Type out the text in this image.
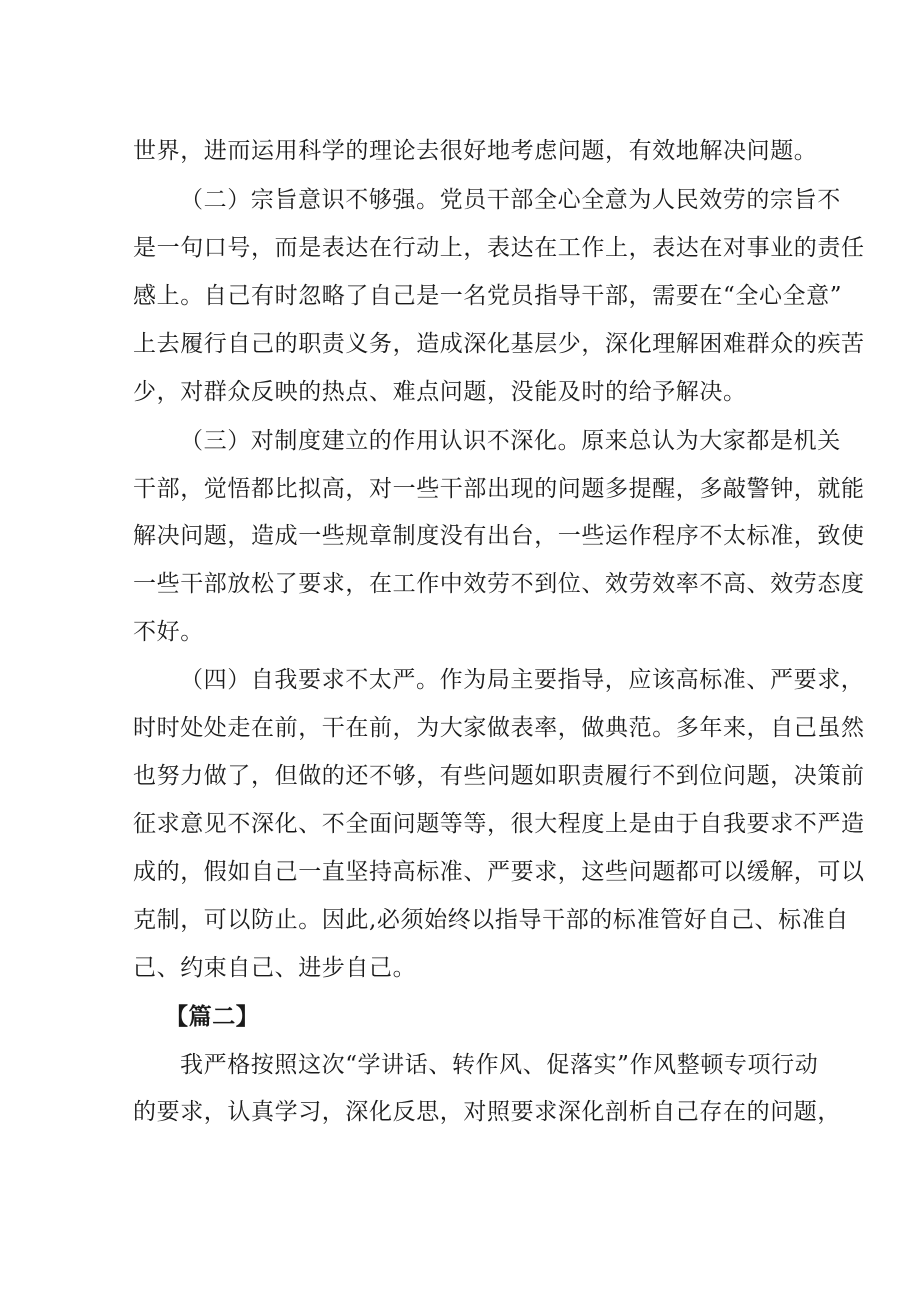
世界，进而运用科学的理论去很好地考虑问题，有效地解决问题。
（二）宗旨意识不够强。党员干部全心全意为人民效劳的宗旨不
是一句口号，而是表达在行动上，表达在工作上，表达在对事业的责任
感上。自己有时忽略了自己是一名党员指导干部，需要在“全心全意”
上去履行自己的职责义务，造成深化基层少，深化理解困难群众的疾苦
少，对群众反映的热点、难点问题，没能及时的给予解决。
（三）对制度建立的作用认识不深化。原来总认为大家都是机关
干部，觉悟都比拟高，对一些干部出现的问题多提醒，多敲警钟，就能
解决问题，造成一些规章制度没有出台，一些运作程序不太标准，致使
一些干部放松了要求，在工作中效劳不到位、效劳效率不高、效劳态度
不好。
（四）自我要求不太严。作为局主要指导，应该高标准、严要求，
时时处处走在前，干在前，为大家做表率，做典范。多年来，自己虽然
也努力做了，但做的还不够，有些问题如职责履行不到位问题，决策前
征求意见不深化、不全面问题等等，很大程度上是由于自我要求不严造
成的，假如自己一直坚持高标准、严要求，这些问题都可以缓解，可以
克制，可以防止。因此,必须始终以指导干部的标准管好自己、标准自
己、约束自己、进步自己。
【篇二】
我严格按照这次“学讲话、转作风、促落实”作风整顿专项行动
的要求，认真学习，深化反思，对照要求深化剖析自己存在的问题，
